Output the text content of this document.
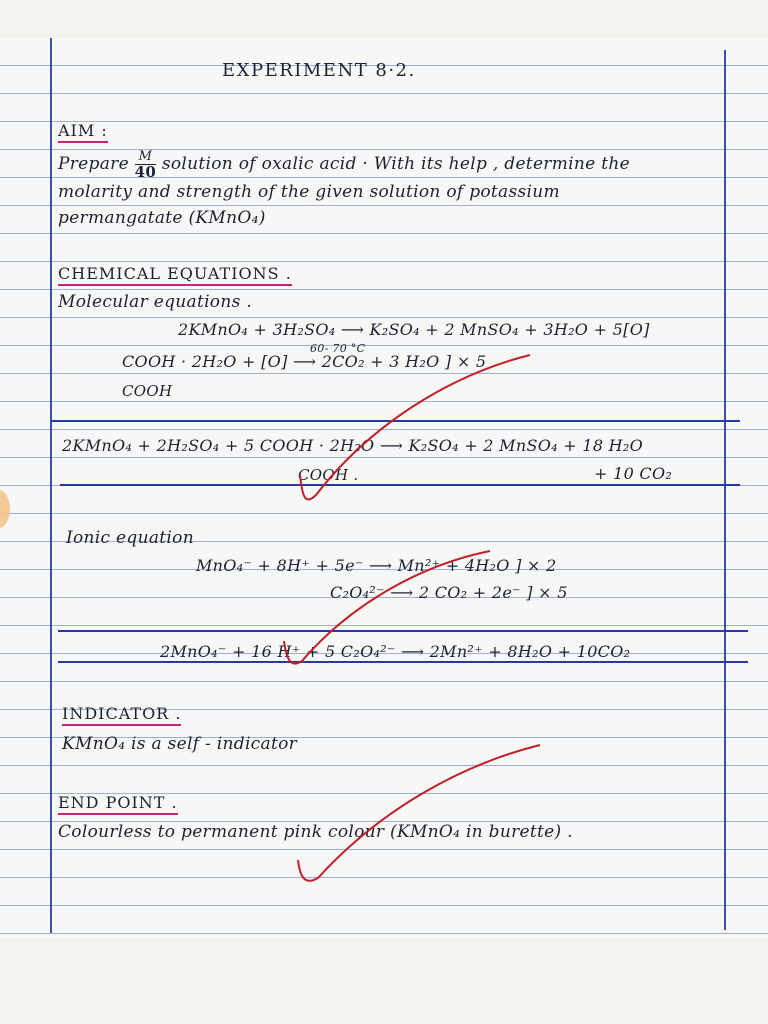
EXPERIMENT 8·2.
AIM :
Prepare $\frac{M}{40}$ solution of oxalic acid · With its help , determine the
molarity and strength of the given solution of potassium
permangatate (KMnO₄)
CHEMICAL EQUATIONS .
Molecular equations .
2KMnO₄ + 3H₂SO₄ ⟶ K₂SO₄ + 2 MnSO₄ + 3H₂O + 5[O]
60- 70 °C
COOH · 2H₂O + [O] ⟶ 2CO₂ + 3 H₂O ] × 5 .
COOH
2KMnO₄ + 2H₂SO₄ + 5 COOH · 2H₂O ⟶ K₂SO₄ + 2 MnSO₄ + 18 H₂O
COOH .	+ 10 CO₂
Ionic equation
MnO₄⁻ + 8H⁺ + 5e⁻ ⟶ Mn²⁺ + 4H₂O ] × 2
C₂O₄²⁻ ⟶ 2 CO₂ + 2e⁻ ] × 5
2MnO₄⁻ + 16 H⁺ + 5 C₂O₄²⁻ ⟶ 2Mn²⁺ + 8H₂O + 10CO₂
INDICATOR .
KMnO₄ is a self - indicator
END POINT .
Colourless to permanent pink colour (KMnO₄ in burette) .
